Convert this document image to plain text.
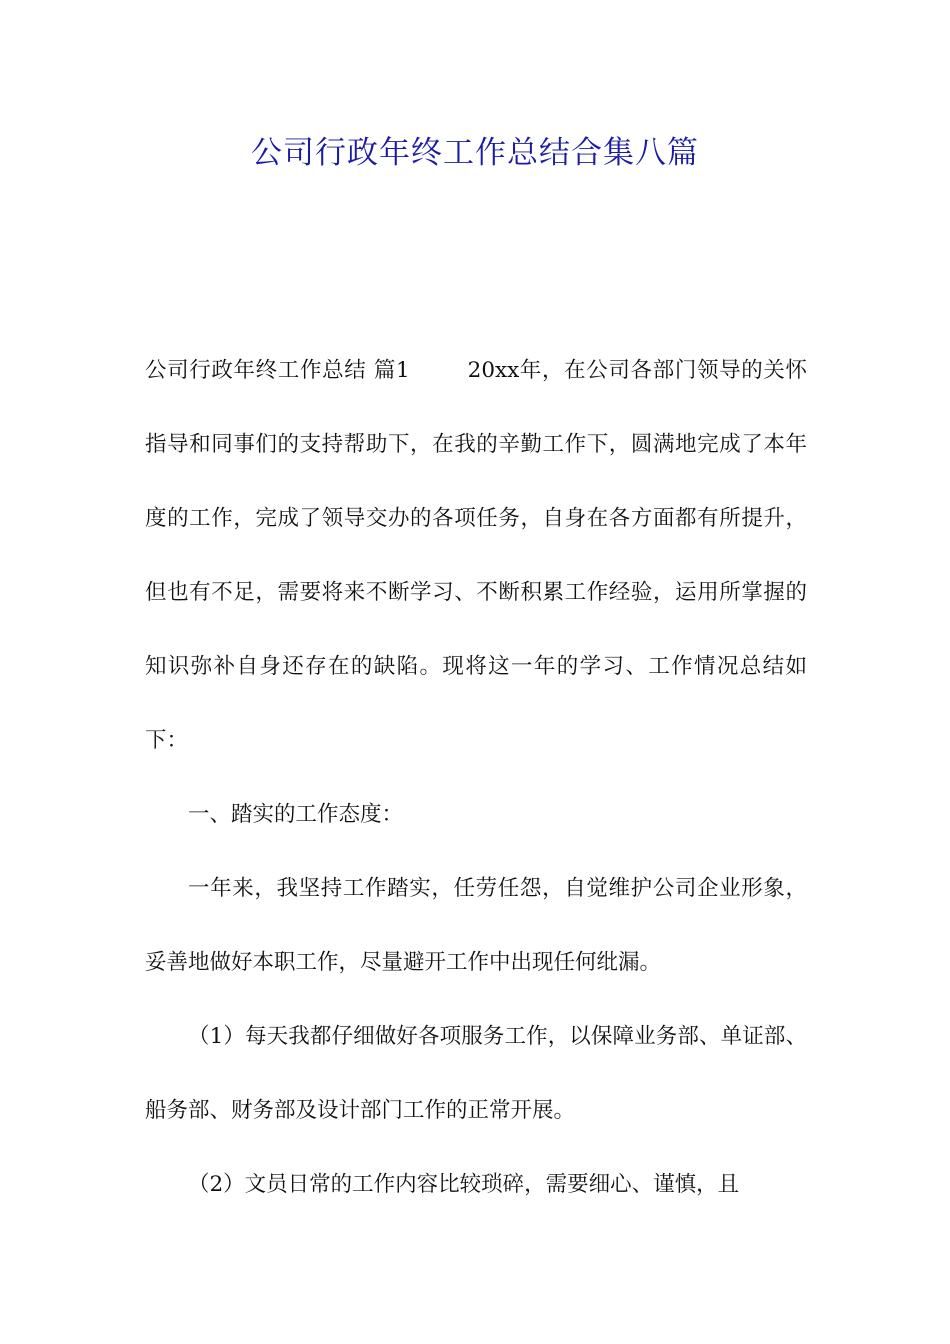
公司行政年终工作总结合集八篇

公司行政年终工作总结 篇1	20xx年，在公司各部门领导的关怀指导和同事们的支持帮助下，在我的辛勤工作下，圆满地完成了本年度的工作，完成了领导交办的各项任务，自身在各方面都有所提升，但也有不足，需要将来不断学习、不断积累工作经验，运用所掌握的知识弥补自身还存在的缺陷。现将这一年的学习、工作情况总结如下：

一、踏实的工作态度：

一年来，我坚持工作踏实，任劳任怨，自觉维护公司企业形象，妥善地做好本职工作，尽量避开工作中出现任何纰漏。

（1）每天我都仔细做好各项服务工作，以保障业务部、单证部、船务部、财务部及设计部门工作的正常开展。

（2）文员日常的工作内容比较琐碎，需要细心、谨慎，且
